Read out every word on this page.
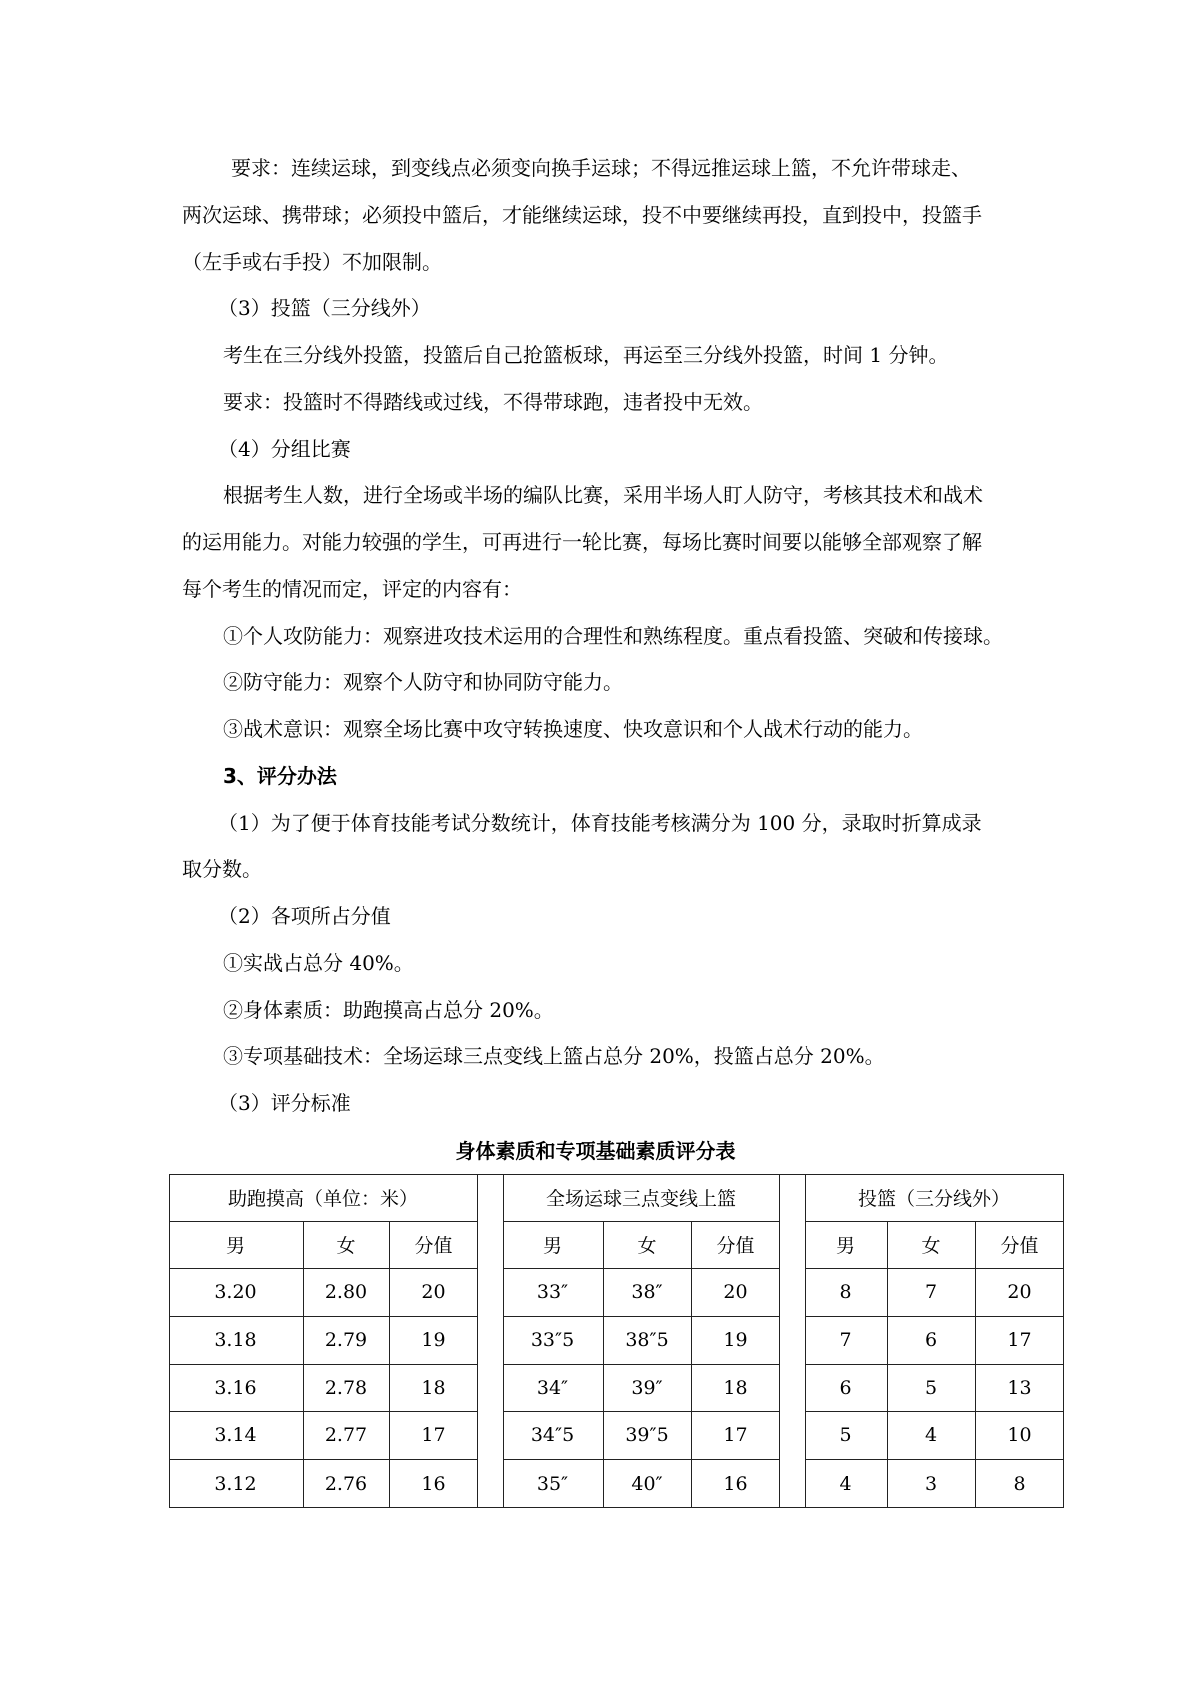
要求：连续运球，到变线点必须变向换手运球；不得远推运球上篮，不允许带球走、
两次运球、携带球；必须投中篮后，才能继续运球，投不中要继续再投，直到投中，投篮手
（左手或右手投）不加限制。
（3）投篮（三分线外）
考生在三分线外投篮，投篮后自己抢篮板球，再运至三分线外投篮，时间 1 分钟。
要求：投篮时不得踏线或过线，不得带球跑，违者投中无效。
（4）分组比赛
根据考生人数，进行全场或半场的编队比赛，采用半场人盯人防守，考核其技术和战术
的运用能力。对能力较强的学生，可再进行一轮比赛，每场比赛时间要以能够全部观察了解
每个考生的情况而定，评定的内容有：
①个人攻防能力：观察进攻技术运用的合理性和熟练程度。重点看投篮、突破和传接球。
②防守能力：观察个人防守和协同防守能力。
③战术意识：观察全场比赛中攻守转换速度、快攻意识和个人战术行动的能力。
3、评分办法
（1）为了便于体育技能考试分数统计，体育技能考核满分为 100 分，录取时折算成录
取分数。
（2）各项所占分值
①实战占总分 40%。
②身体素质：助跑摸高占总分 20%。
③专项基础技术：全场运球三点变线上篮占总分 20%，投篮占总分 20%。
（3）评分标准
身体素质和专项基础素质评分表
助跑摸高（单位：米）
男	女	分值
3.20	2.80	20
3.18	2.79	19
3.16	2.78	18
3.14	2.77	17
3.12	2.76	16
全场运球三点变线上篮
男	女	分值
33″	38″	20
33″5	38″5	19
34″	39″	18
34″5	39″5	17
35″	40″	16
投篮（三分线外）
男	女	分值
8	7	20
7	6	17
6	5	13
5	4	10
4	3	8
